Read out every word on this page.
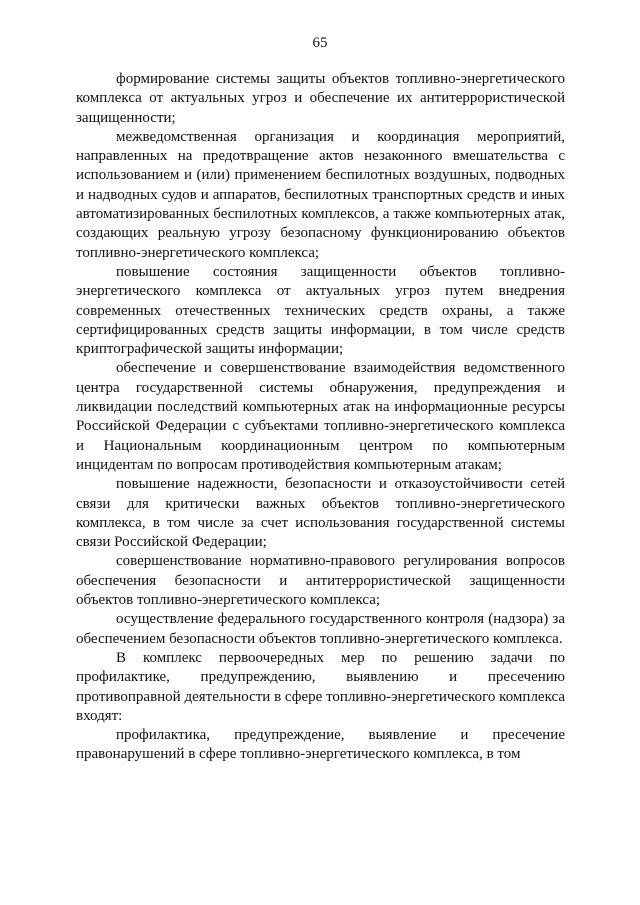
65

формирование системы защиты объектов топливно-энергетического комплекса от актуальных угроз и обеспечение их антитеррористической защищенности;

межведомственная организация и координация мероприятий, направленных на предотвращение актов незаконного вмешательства с использованием и (или) применением беспилотных воздушных, подводных и надводных судов и аппаратов, беспилотных транспортных средств и иных автоматизированных беспилотных комплексов, а также компьютерных атак, создающих реальную угрозу безопасному функционированию объектов топливно-энергетического комплекса;

повышение состояния защищенности объектов топливно-энергетического комплекса от актуальных угроз путем внедрения современных отечественных технических средств охраны, а также сертифицированных средств защиты информации, в том числе средств криптографической защиты информации;

обеспечение и совершенствование взаимодействия ведомственного центра государственной системы обнаружения, предупреждения и ликвидации последствий компьютерных атак на информационные ресурсы Российской Федерации с субъектами топливно-энергетического комплекса и Национальным координационным центром по компьютерным инцидентам по вопросам противодействия компьютерным атакам;

повышение надежности, безопасности и отказоустойчивости сетей связи для критически важных объектов топливно-энергетического комплекса, в том числе за счет использования государственной системы связи Российской Федерации;

совершенствование нормативно-правового регулирования вопросов обеспечения безопасности и антитеррористической защищенности объектов топливно-энергетического комплекса;

осуществление федерального государственного контроля (надзора) за обеспечением безопасности объектов топливно-энергетического комплекса.

В комплекс первоочередных мер по решению задачи по профилактике, предупреждению, выявлению и пресечению противоправной деятельности в сфере топливно-энергетического комплекса входят:

профилактика, предупреждение, выявление и пресечение правонарушений в сфере топливно-энергетического комплекса, в том
